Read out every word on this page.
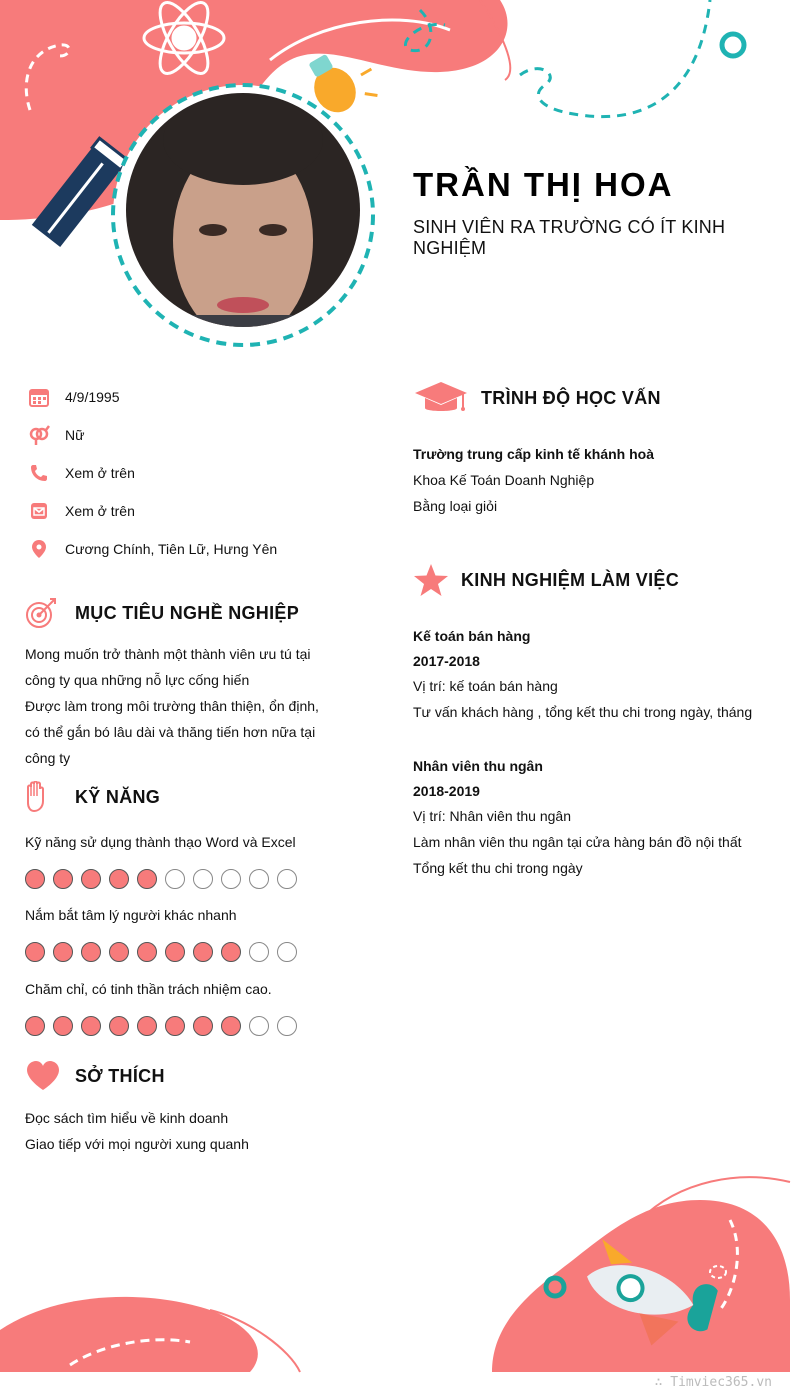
TRẦN THỊ HOA
SINH VIÊN RA TRƯỜNG CÓ ÍT KINH NGHIỆM
4/9/1995
Nữ
Xem ở trên
Xem ở trên
Cương Chính, Tiên Lữ, Hưng Yên
MỤC TIÊU NGHỀ NGHIỆP
Mong muốn trở thành một thành viên ưu tú tại
công ty qua những nỗ lực cống hiến
Được làm trong môi trường thân thiện, ổn định,
có thể gắn bó lâu dài và thăng tiến hơn nữa tại
công ty
KỸ NĂNG
Kỹ năng sử dụng thành thạo Word và Excel
Nắm bắt tâm lý người khác nhanh
Chăm chỉ, có tinh thần trách nhiệm cao.
SỞ THÍCH
Đọc sách tìm hiểu về kinh doanh
Giao tiếp với mọi người xung quanh
TRÌNH ĐỘ HỌC VẤN
Trường trung cấp kinh tế khánh hoà
Khoa Kế Toán Doanh Nghiệp
Bằng loại giỏi
KINH NGHIỆM LÀM VIỆC
Kế toán bán hàng
2017-2018
Vị trí: kế toán bán hàng
Tư vấn khách hàng , tổng kết thu chi trong ngày, tháng
Nhân viên thu ngân
2018-2019
Vị trí: Nhân viên thu ngân
Làm nhân viên thu ngân tại cửa hàng bán đồ nội thất
Tổng kết thu chi trong ngày
∴ Timviec365.vn
